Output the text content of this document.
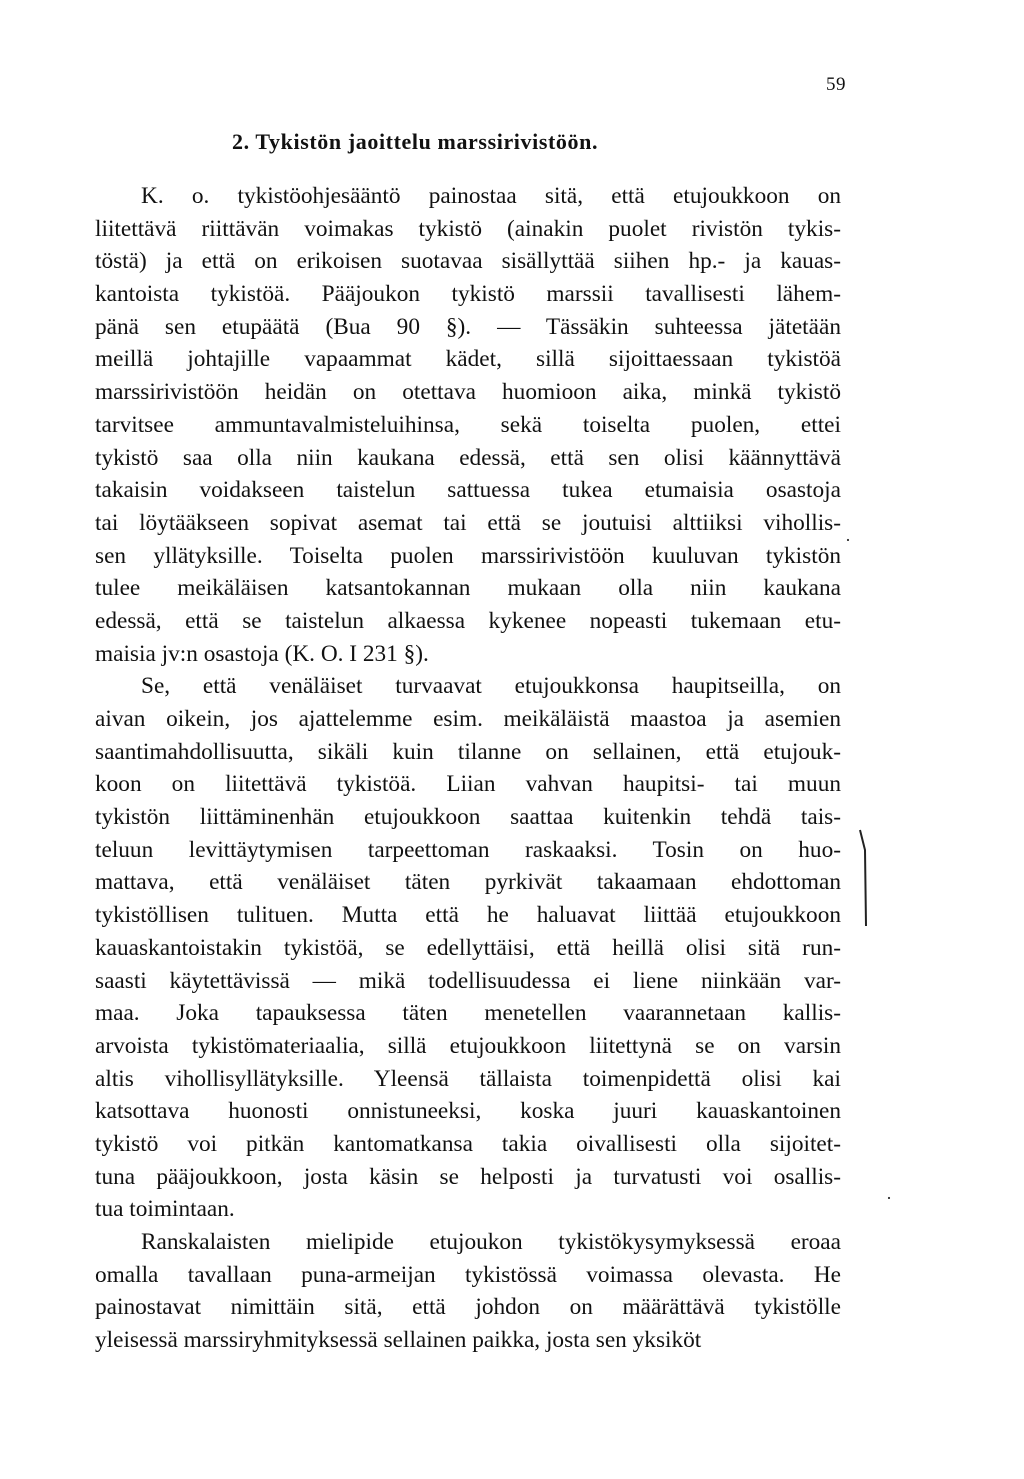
59
2. Tykistön jaoittelu marssirivistöön.
K. o. tykistöohjesääntö painostaa sitä, että etujoukkoon on
liitettävä riittävän voimakas tykistö (ainakin puolet rivistön tykis-
töstä) ja että on erikoisen suotavaa sisällyttää siihen hp.- ja kauas-
kantoista tykistöä. Pääjoukon tykistö marssii tavallisesti lähem-
pänä sen etupäätä (Bua 90 §). — Tässäkin suhteessa jätetään
meillä johtajille vapaammat kädet, sillä sijoittaessaan tykistöä
marssirivistöön heidän on otettava huomioon aika, minkä tykistö
tarvitsee ammuntavalmisteluihinsa, sekä toiselta puolen, ettei
tykistö saa olla niin kaukana edessä, että sen olisi käännyttävä
takaisin voidakseen taistelun sattuessa tukea etumaisia osastoja
tai löytääkseen sopivat asemat tai että se joutuisi alttiiksi vihollis-
sen yllätyksille. Toiselta puolen marssirivistöön kuuluvan tykistön
tulee meikäläisen katsantokannan mukaan olla niin kaukana
edessä, että se taistelun alkaessa kykenee nopeasti tukemaan etu-
maisia jv:n osastoja (K. O. I 231 §).
Se, että venäläiset turvaavat etujoukkonsa haupitseilla, on
aivan oikein, jos ajattelemme esim. meikäläistä maastoa ja asemien
saantimahdollisuutta, sikäli kuin tilanne on sellainen, että etujouk-
koon on liitettävä tykistöä. Liian vahvan haupitsi- tai muun
tykistön liittäminenhän etujoukkoon saattaa kuitenkin tehdä tais-
teluun levittäytymisen tarpeettoman raskaaksi. Tosin on huo-
mattava, että venäläiset täten pyrkivät takaamaan ehdottoman
tykistöllisen tulituen. Mutta että he haluavat liittää etujoukkoon
kauaskantoistakin tykistöä, se edellyttäisi, että heillä olisi sitä run-
saasti käytettävissä — mikä todellisuudessa ei liene niinkään var-
maa. Joka tapauksessa täten menetellen vaarannetaan kallis-
arvoista tykistömateriaalia, sillä etujoukkoon liitettynä se on varsin
altis vihollisyllätyksille. Yleensä tällaista toimenpidettä olisi kai
katsottava huonosti onnistuneeksi, koska juuri kauaskantoinen
tykistö voi pitkän kantomatkansa takia oivallisesti olla sijoitet-
tuna pääjoukkoon, josta käsin se helposti ja turvatusti voi osallis-
tua toimintaan.
Ranskalaisten mielipide etujoukon tykistökysymyksessä eroaa
omalla tavallaan puna-armeijan tykistössä voimassa olevasta. He
painostavat nimittäin sitä, että johdon on määrättävä tykistölle
yleisessä marssiryhmityksessä sellainen paikka, josta sen yksiköt
·
·
